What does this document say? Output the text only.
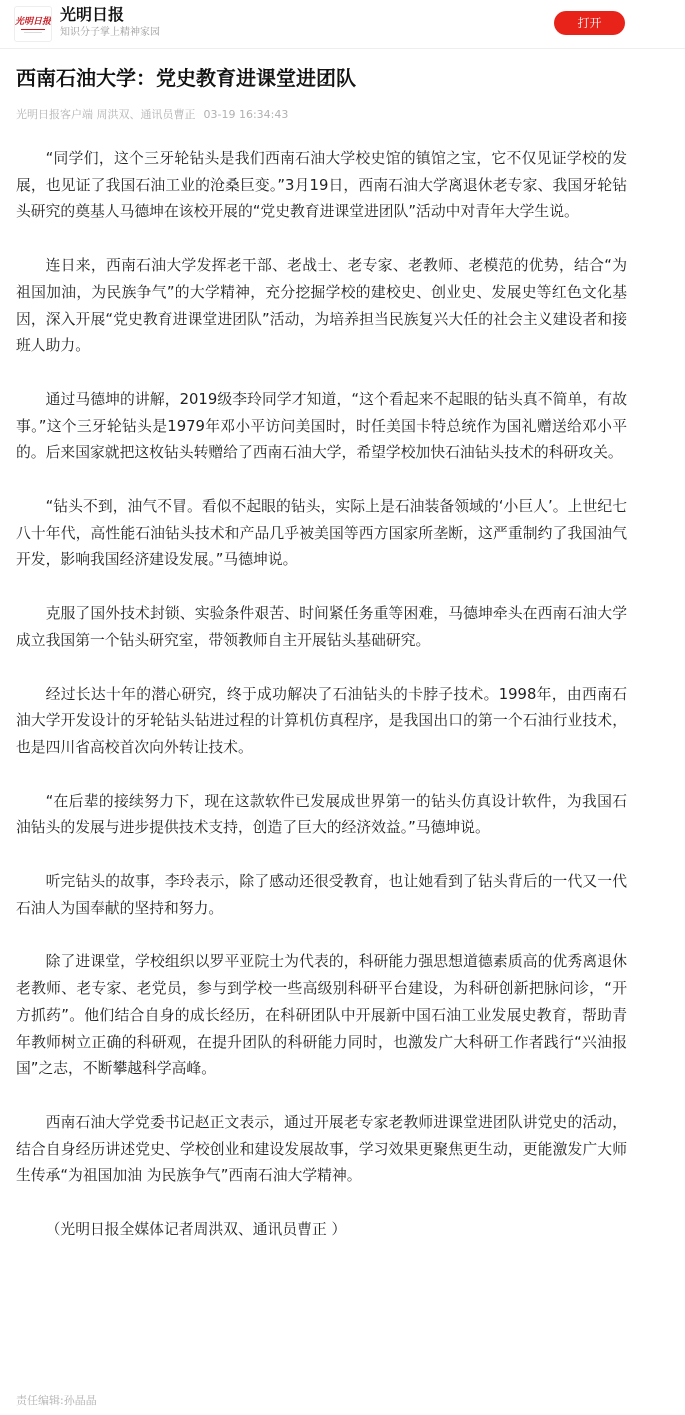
光明日报 光明日报
知识分子掌上精神家园
打开
西南石油大学：党史教育进课堂进团队
光明日报客户端 周洪双、通讯员曹正 03-19 16:34:43

“同学们，这个三牙轮钻头是我们西南石油大学校史馆的镇馆之宝，它不仅见证学校的发展，也见证了我国石油工业的沧桑巨变。”3月19日，西南石油大学离退休老专家、我国牙轮钻头研究的奠基人马德坤在该校开展的“党史教育进课堂进团队”活动中对青年大学生说。

连日来，西南石油大学发挥老干部、老战士、老专家、老教师、老模范的优势，结合“为祖国加油，为民族争气”的大学精神，充分挖掘学校的建校史、创业史、发展史等红色文化基因，深入开展“党史教育进课堂进团队”活动，为培养担当民族复兴大任的社会主义建设者和接班人助力。

通过马德坤的讲解，2019级李玲同学才知道，“这个看起来不起眼的钻头真不简单，有故事。”这个三牙轮钻头是1979年邓小平访问美国时，时任美国卡特总统作为国礼赠送给邓小平的。后来国家就把这枚钻头转赠给了西南石油大学，希望学校加快石油钻头技术的科研攻关。

“钻头不到，油气不冒。看似不起眼的钻头，实际上是石油装备领域的‘小巨人’。上世纪七八十年代，高性能石油钻头技术和产品几乎被美国等西方国家所垄断，这严重制约了我国油气开发，影响我国经济建设发展。”马德坤说。

克服了国外技术封锁、实验条件艰苦、时间紧任务重等困难，马德坤牵头在西南石油大学成立我国第一个钻头研究室，带领教师自主开展钻头基础研究。

经过长达十年的潜心研究，终于成功解决了石油钻头的卡脖子技术。1998年，由西南石油大学开发设计的牙轮钻头钻进过程的计算机仿真程序，是我国出口的第一个石油行业技术，也是四川省高校首次向外转让技术。

“在后辈的接续努力下，现在这款软件已发展成世界第一的钻头仿真设计软件，为我国石油钻头的发展与进步提供技术支持，创造了巨大的经济效益。”马德坤说。

听完钻头的故事，李玲表示，除了感动还很受教育，也让她看到了钻头背后的一代又一代石油人为国奉献的坚持和努力。

除了进课堂，学校组织以罗平亚院士为代表的，科研能力强思想道德素质高的优秀离退休老教师、老专家、老党员，参与到学校一些高级别科研平台建设，为科研创新把脉问诊，“开方抓药”。他们结合自身的成长经历，在科研团队中开展新中国石油工业发展史教育，帮助青年教师树立正确的科研观，在提升团队的科研能力同时，也激发广大科研工作者践行“兴油报国”之志，不断攀越科学高峰。

西南石油大学党委书记赵正文表示，通过开展老专家老教师进课堂进团队讲党史的活动，结合自身经历讲述党史、学校创业和建设发展故事，学习效果更聚焦更生动，更能激发广大师生传承“为祖国加油 为民族争气”西南石油大学精神。

（光明日报全媒体记者周洪双、通讯员曹正 ）

责任编辑:孙晶晶
